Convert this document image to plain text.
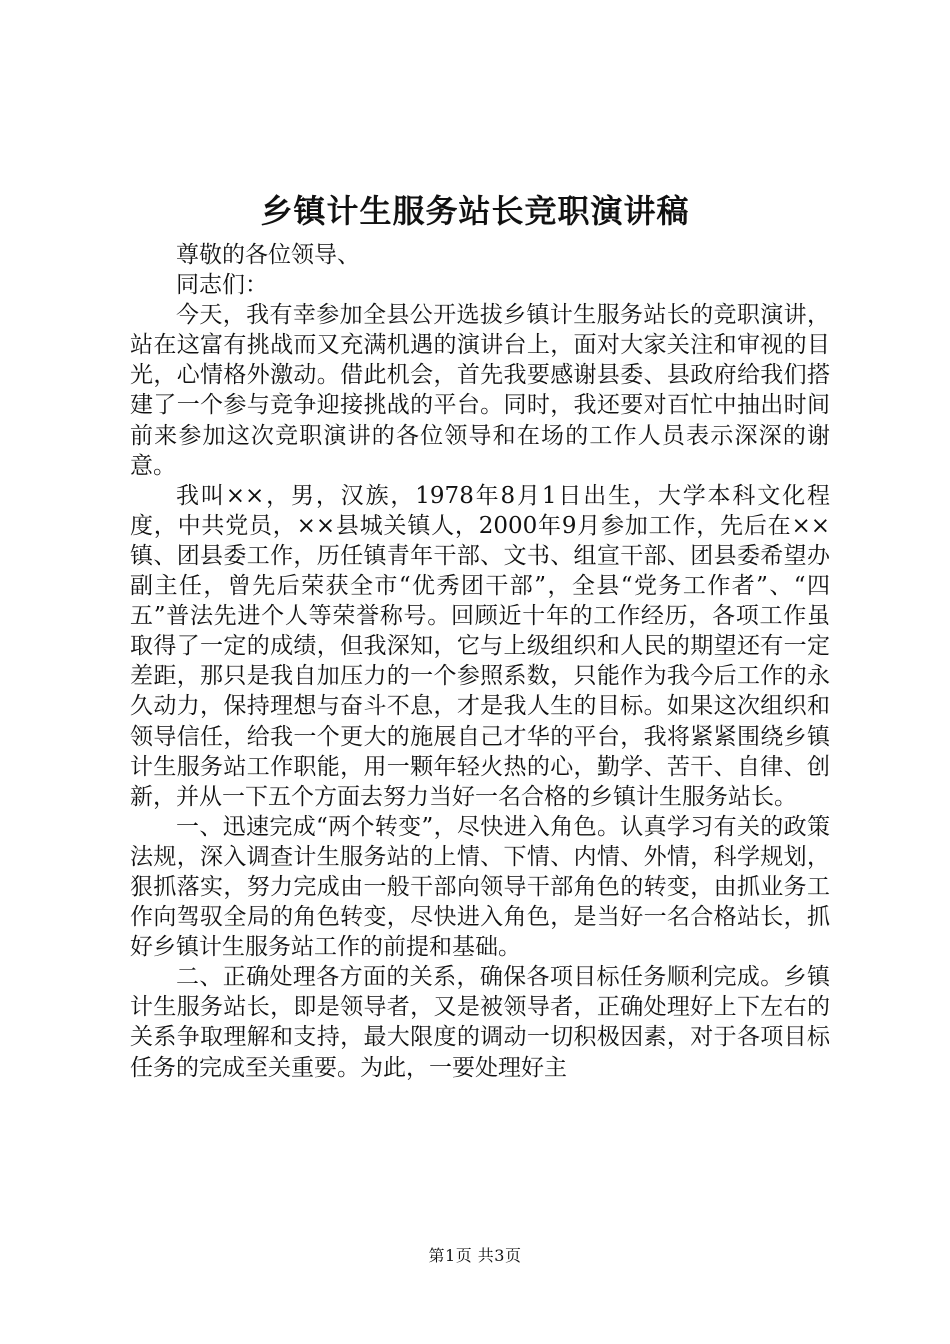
乡镇计生服务站长竞职演讲稿

尊敬的各位领导、

同志们：

今天，我有幸参加全县公开选拔乡镇计生服务站长的竞职演讲，站在这富有挑战而又充满机遇的演讲台上，面对大家关注和审视的目光，心情格外激动。借此机会，首先我要感谢县委、县政府给我们搭建了一个参与竞争迎接挑战的平台。同时，我还要对百忙中抽出时间前来参加这次竞职演讲的各位领导和在场的工作人员表示深深的谢意。

我叫××，男，汉族，1978年8月1日出生，大学本科文化程度，中共党员，××县城关镇人，2000年9月参加工作，先后在××镇、团县委工作，历任镇青年干部、文书、组宣干部、团县委希望办副主任，曾先后荣获全市“优秀团干部”，全县“党务工作者”、“四五”普法先进个人等荣誉称号。回顾近十年的工作经历，各项工作虽取得了一定的成绩，但我深知，它与上级组织和人民的期望还有一定差距，那只是我自加压力的一个参照系数，只能作为我今后工作的永久动力，保持理想与奋斗不息，才是我人生的目标。如果这次组织和领导信任，给我一个更大的施展自己才华的平台，我将紧紧围绕乡镇计生服务站工作职能，用一颗年轻火热的心，勤学、苦干、自律、创新，并从一下五个方面去努力当好一名合格的乡镇计生服务站长。

一、迅速完成“两个转变”，尽快进入角色。认真学习有关的政策法规，深入调查计生服务站的上情、下情、内情、外情，科学规划，狠抓落实，努力完成由一般干部向领导干部角色的转变，由抓业务工作向驾驭全局的角色转变，尽快进入角色，是当好一名合格站长，抓好乡镇计生服务站工作的前提和基础。

二、正确处理各方面的关系，确保各项目标任务顺利完成。乡镇计生服务站长，即是领导者，又是被领导者，正确处理好上下左右的关系争取理解和支持，最大限度的调动一切积极因素，对于各项目标任务的完成至关重要。为此，一要处理好主

第1页 共3页
